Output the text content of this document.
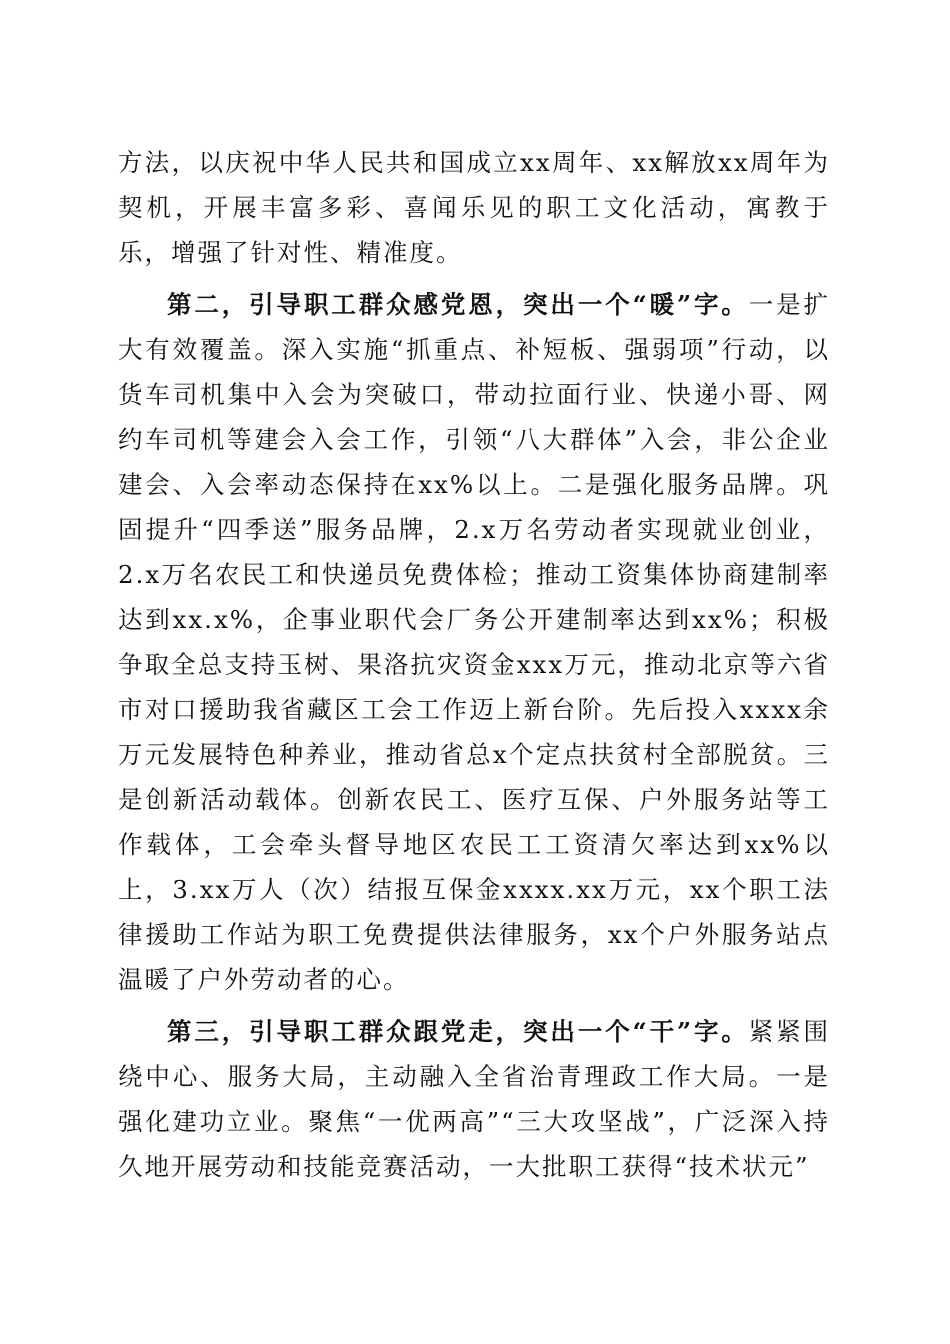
方法，以庆祝中华人民共和国成立xx周年、xx解放xx周年为契机，开展丰富多彩、喜闻乐见的职工文化活动，寓教于乐，增强了针对性、精准度。

第二，引导职工群众感党恩，突出一个“暖”字。一是扩大有效覆盖。深入实施“抓重点、补短板、强弱项”行动，以货车司机集中入会为突破口，带动拉面行业、快递小哥、网约车司机等建会入会工作，引领“八大群体”入会，非公企业建会、入会率动态保持在xx%以上。二是强化服务品牌。巩固提升“四季送”服务品牌，2.x万名劳动者实现就业创业，2.x万名农民工和快递员免费体检；推动工资集体协商建制率达到xx.x%，企事业职代会厂务公开建制率达到xx%；积极争取全总支持玉树、果洛抗灾资金xxx万元，推动北京等六省市对口援助我省藏区工会工作迈上新台阶。先后投入xxxx余万元发展特色种养业，推动省总x个定点扶贫村全部脱贫。三是创新活动载体。创新农民工、医疗互保、户外服务站等工作载体，工会牵头督导地区农民工工资清欠率达到xx%以上，3.xx万人（次）结报互保金xxxx.xx万元，xx个职工法律援助工作站为职工免费提供法律服务，xx个户外服务站点温暖了户外劳动者的心。

第三，引导职工群众跟党走，突出一个“干”字。紧紧围绕中心、服务大局，主动融入全省治青理政工作大局。一是强化建功立业。聚焦“一优两高”“三大攻坚战”，广泛深入持久地开展劳动和技能竞赛活动，一大批职工获得“技术状元”
